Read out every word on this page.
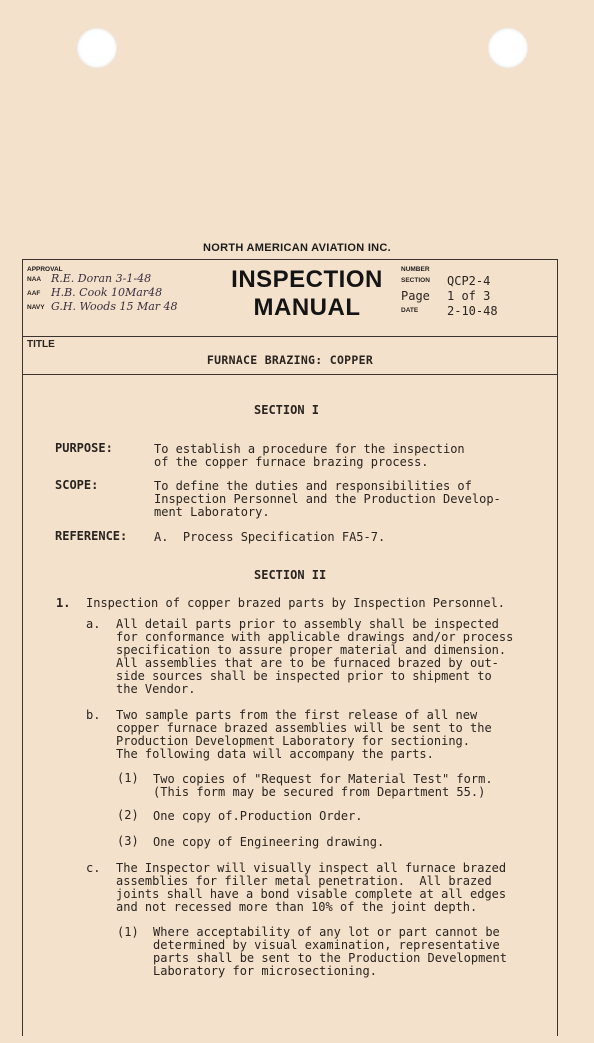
NORTH AMERICAN AVIATION INC.
APPROVAL
NAA R.E. Doran 3-1-48
AAF H.B. Cook 10Mar48
NAVY G.H. Woods 15 Mar 48
INSPECTION
MANUAL
NUMBER
SECTION QCP2-4
Page 1 of 3
DATE 2-10-48
TITLE
FURNACE BRAZING: COPPER
SECTION I
PURPOSE:	To establish a procedure for the inspection
of the copper furnace brazing process.
SCOPE:	To define the duties and responsibilities of
Inspection Personnel and the Production Develop-
ment Laboratory.
REFERENCE: A.  Process Specification FA5-7.
SECTION II
1. Inspection of copper brazed parts by Inspection Personnel.
a. All detail parts prior to assembly shall be inspected
for conformance with applicable drawings and/or process
specification to assure proper material and dimension.
All assemblies that are to be furnaced brazed by out-
side sources shall be inspected prior to shipment to
the Vendor.
b. Two sample parts from the first release of all new
copper furnace brazed assemblies will be sent to the
Production Development Laboratory for sectioning.
The following data will accompany the parts.
(1) Two copies of "Request for Material Test" form.
(This form may be secured from Department 55.)
(2) One copy of.Production Order.
(3) One copy of Engineering drawing.
c. The Inspector will visually inspect all furnace brazed
assemblies for filler metal penetration.  All brazed
joints shall have a bond visable complete at all edges
and not recessed more than 10% of the joint depth.
(1) Where acceptability of any lot or part cannot be
determined by visual examination, representative
parts shall be sent to the Production Development
Laboratory for microsectioning.
